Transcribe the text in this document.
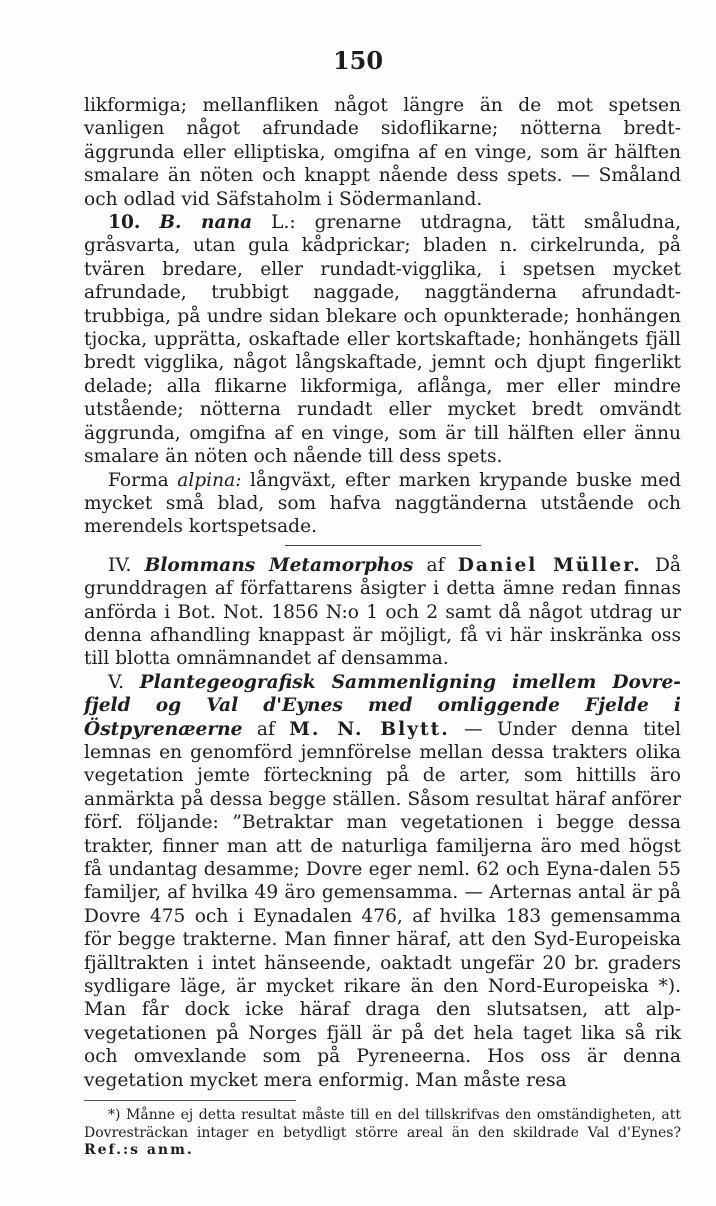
150

likformiga; mellanfliken något längre än de mot spetsen vanligen något afrundade sidoflikarne; nötterna bredt-äggrunda eller elliptiska, omgifna af en vinge, som är hälften smalare än nöten och knappt nående dess spets. — Småland och odlad vid Säfstaholm i Södermanland.

10. B. nana L.: grenarne utdragna, tätt småludna, gråsvarta, utan gula kådprickar; bladen n. cirkelrunda, på tvären bredare, eller rundadt-vigglika, i spetsen mycket afrundade, trubbigt naggade, naggtänderna afrundadt-trubbiga, på undre sidan blekare och opunkterade; honhängen tjocka, upprätta, oskaftade eller kortskaftade; honhängets fjäll bredt vigglika, något långskaftade, jemnt och djupt fingerlikt delade; alla flikarne likformiga, aflånga, mer eller mindre utstående; nötterna rundadt eller mycket bredt omvändt äggrunda, omgifna af en vinge, som är till hälften eller ännu smalare än nöten och nående till dess spets.

Forma alpina: långväxt, efter marken krypande buske med mycket små blad, som hafva naggtänderna utstående och merendels kortspetsade.

IV. Blommans Metamorphos af Daniel Müller. Då grunddragen af författarens åsigter i detta ämne redan finnas anförda i Bot. Not. 1856 N:o 1 och 2 samt då något utdrag ur denna afhandling knappast är möjligt, få vi här inskränka oss till blotta omnämnandet af densamma.

V. Plantegeografisk Sammenligning imellem Dovre-fjeld og Val d'Eynes med omliggende Fjelde i Östpyrenæerne af M. N. Blytt. — Under denna titel lemnas en genomförd jemnförelse mellan dessa trakters olika vegetation jemte förteckning på de arter, som hittills äro anmärkta på dessa begge ställen. Såsom resultat häraf anförer förf. följande: ”Betraktar man vegetationen i begge dessa trakter, finner man att de naturliga familjerna äro med högst få undantag desamme; Dovre eger neml. 62 och Eyna-dalen 55 familjer, af hvilka 49 äro gemensamma. — Arternas antal är på Dovre 475 och i Eynadalen 476, af hvilka 183 gemensamma för begge trakterne. Man finner häraf, att den Syd-Europeiska fjälltrakten i intet hänseende, oaktadt ungefär 20 br. graders sydligare läge, är mycket rikare än den Nord-Europeiska *). Man får dock icke häraf draga den slutsatsen, att alp-vegetationen på Norges fjäll är på det hela taget lika så rik och omvexlande som på Pyreneerna. Hos oss är denna vegetation mycket mera enformig. Man måste resa

*) Månne ej detta resultat måste till en del tillskrifvas den omständigheten, att Dovresträckan intager en betydligt större areal än den skildrade Val d'Eynes? Ref.:s anm.
